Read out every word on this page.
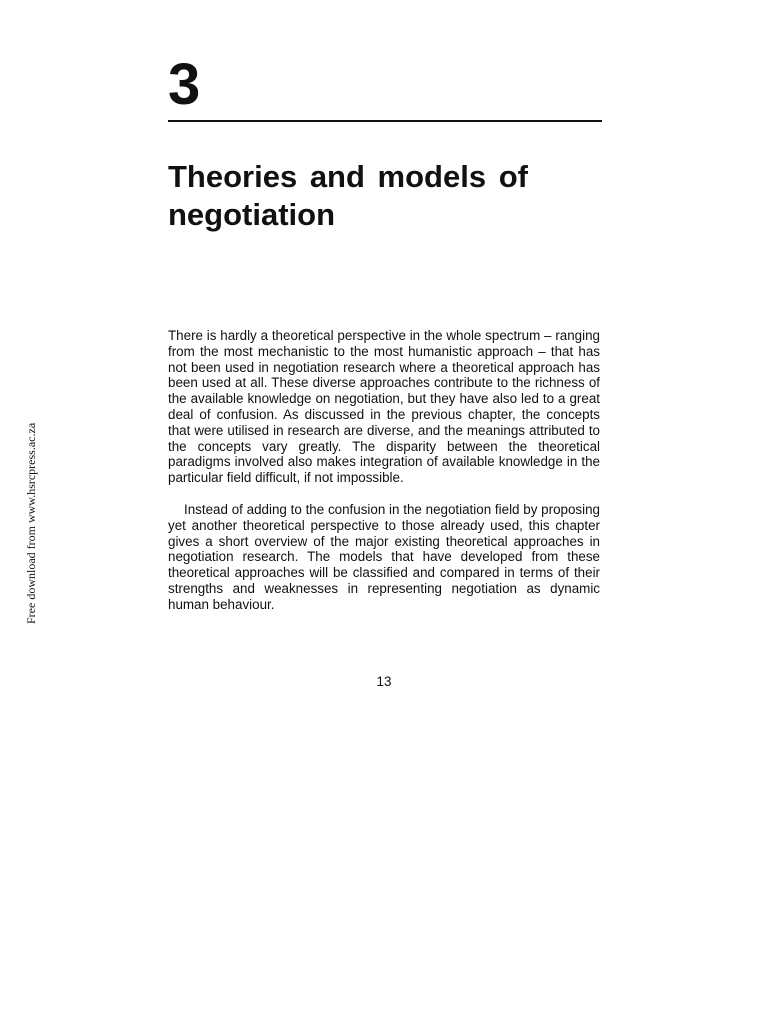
Free download from www.hsrcpress.ac.za
3
Theories and models of negotiation

There is hardly a theoretical perspective in the whole spectrum – ranging from the most mechanistic to the most humanistic approach – that has not been used in negotiation research where a theoretical approach has been used at all. These diverse approaches contribute to the richness of the available knowledge on negotiation, but they have also led to a great deal of confusion. As discussed in the previous chapter, the concepts that were utilised in research are diverse, and the meanings attributed to the concepts vary greatly. The disparity between the theoretical paradigms involved also makes integration of available knowledge in the particular field difficult, if not impossible.

Instead of adding to the confusion in the negotiation field by proposing yet another theoretical perspective to those already used, this chapter gives a short overview of the major existing theoretical approaches in negotiation research. The models that have developed from these theoretical approaches will be classified and compared in terms of their strengths and weaknesses in representing negotiation as dynamic human behaviour.

13
